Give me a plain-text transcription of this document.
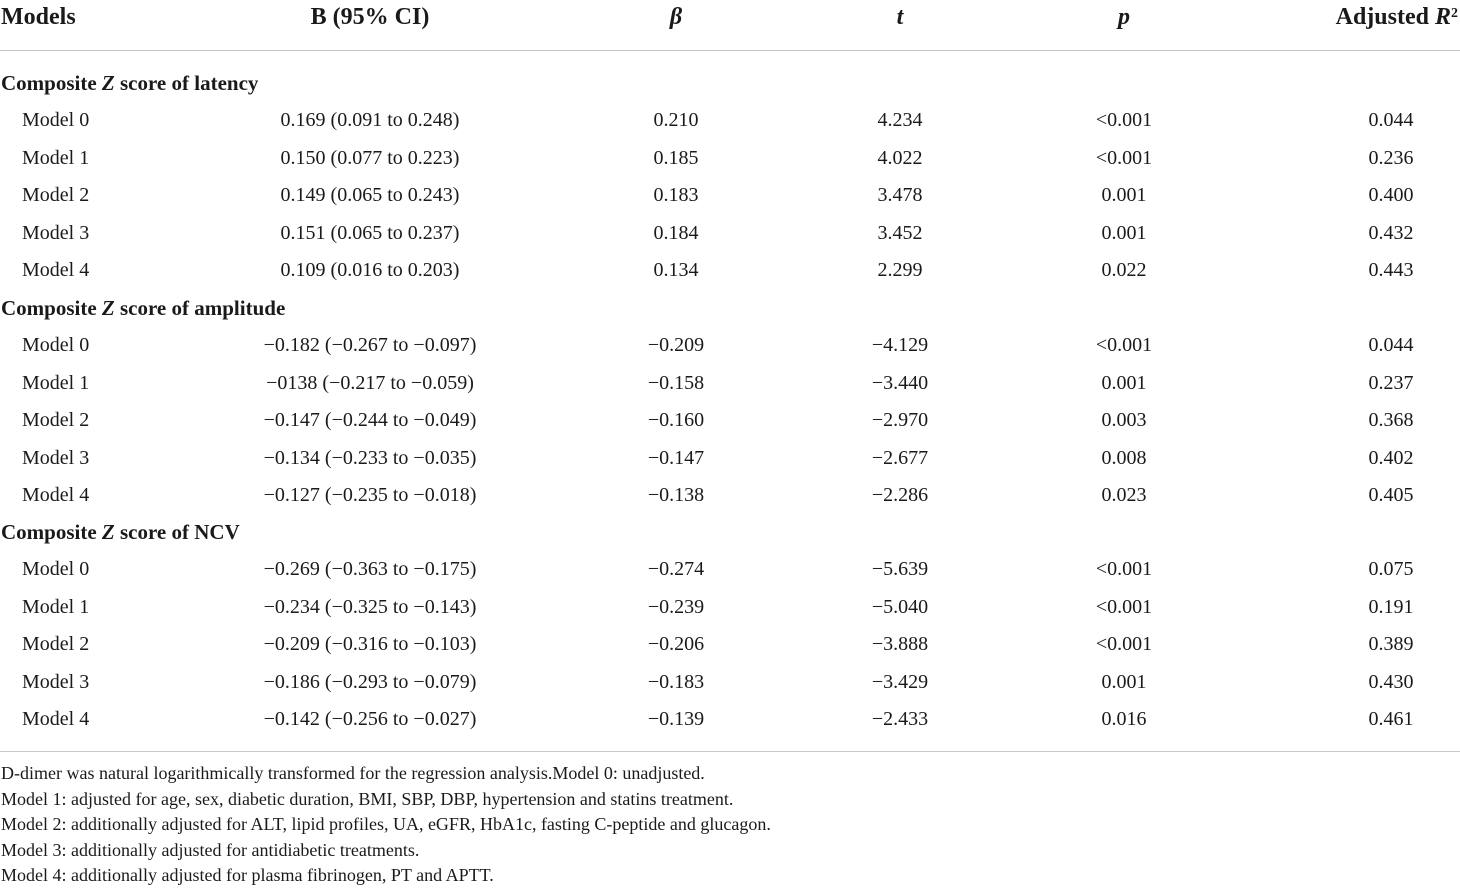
Models	B (95% CI)	β	t	p	Adjusted $R^2$
Composite Z score of latency
Model 0	0.169 (0.091 to 0.248)	0.210	4.234	<0.001	0.044
Model 1	0.150 (0.077 to 0.223)	0.185	4.022	<0.001	0.236
Model 2	0.149 (0.065 to 0.243)	0.183	3.478	0.001	0.400
Model 3	0.151 (0.065 to 0.237)	0.184	3.452	0.001	0.432
Model 4	0.109 (0.016 to 0.203)	0.134	2.299	0.022	0.443
Composite Z score of amplitude
Model 0	−0.182 (−0.267 to −0.097)	−0.209	−4.129	<0.001	0.044
Model 1	−0138 (−0.217 to −0.059)	−0.158	−3.440	0.001	0.237
Model 2	−0.147 (−0.244 to −0.049)	−0.160	−2.970	0.003	0.368
Model 3	−0.134 (−0.233 to −0.035)	−0.147	−2.677	0.008	0.402
Model 4	−0.127 (−0.235 to −0.018)	−0.138	−2.286	0.023	0.405
Composite Z score of NCV
Model 0	−0.269 (−0.363 to −0.175)	−0.274	−5.639	<0.001	0.075
Model 1	−0.234 (−0.325 to −0.143)	−0.239	−5.040	<0.001	0.191
Model 2	−0.209 (−0.316 to −0.103)	−0.206	−3.888	<0.001	0.389
Model 3	−0.186 (−0.293 to −0.079)	−0.183	−3.429	0.001	0.430
Model 4	−0.142 (−0.256 to −0.027)	−0.139	−2.433	0.016	0.461
D-dimer was natural logarithmically transformed for the regression analysis.Model 0: unadjusted.
Model 1: adjusted for age, sex, diabetic duration, BMI, SBP, DBP, hypertension and statins treatment.
Model 2: additionally adjusted for ALT, lipid profiles, UA, eGFR, HbA1c, fasting C-peptide and glucagon.
Model 3: additionally adjusted for antidiabetic treatments.
Model 4: additionally adjusted for plasma fibrinogen, PT and APTT.
